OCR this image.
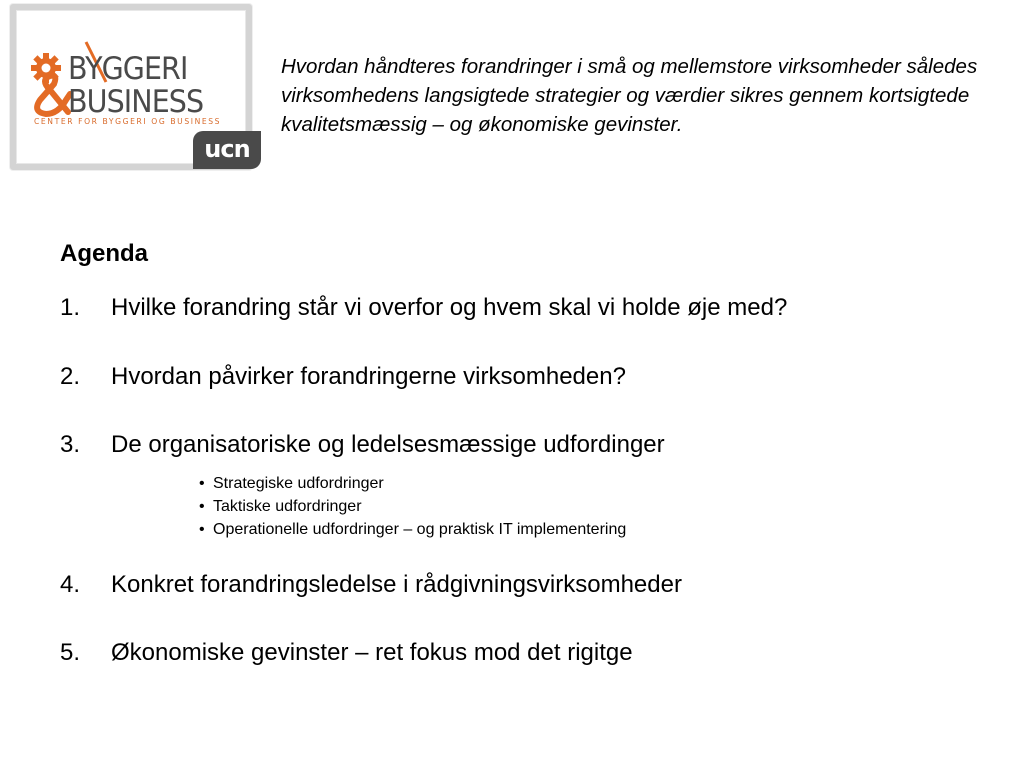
BYGGERI
BUSINESS
CENTER FOR BYGGERI OG BUSINESS
ucn

Hvordan håndteres forandringer i små og mellemstore virksomheder således virksomhedens langsigtede strategier og værdier sikres gennem kortsigtede kvalitetsmæssig – og økonomiske gevinster.

Agenda
1. Hvilke forandring står vi overfor og hvem skal vi holde øje med?
2. Hvordan påvirker forandringerne virksomheden?
3. De organisatoriske og ledelsesmæssige udfordinger
• Strategiske udfordringer
• Taktiske udfordringer
• Operationelle udfordringer – og praktisk IT implementering
4. Konkret forandringsledelse i rådgivningsvirksomheder
5. Økonomiske gevinster – ret fokus mod det rigitge
